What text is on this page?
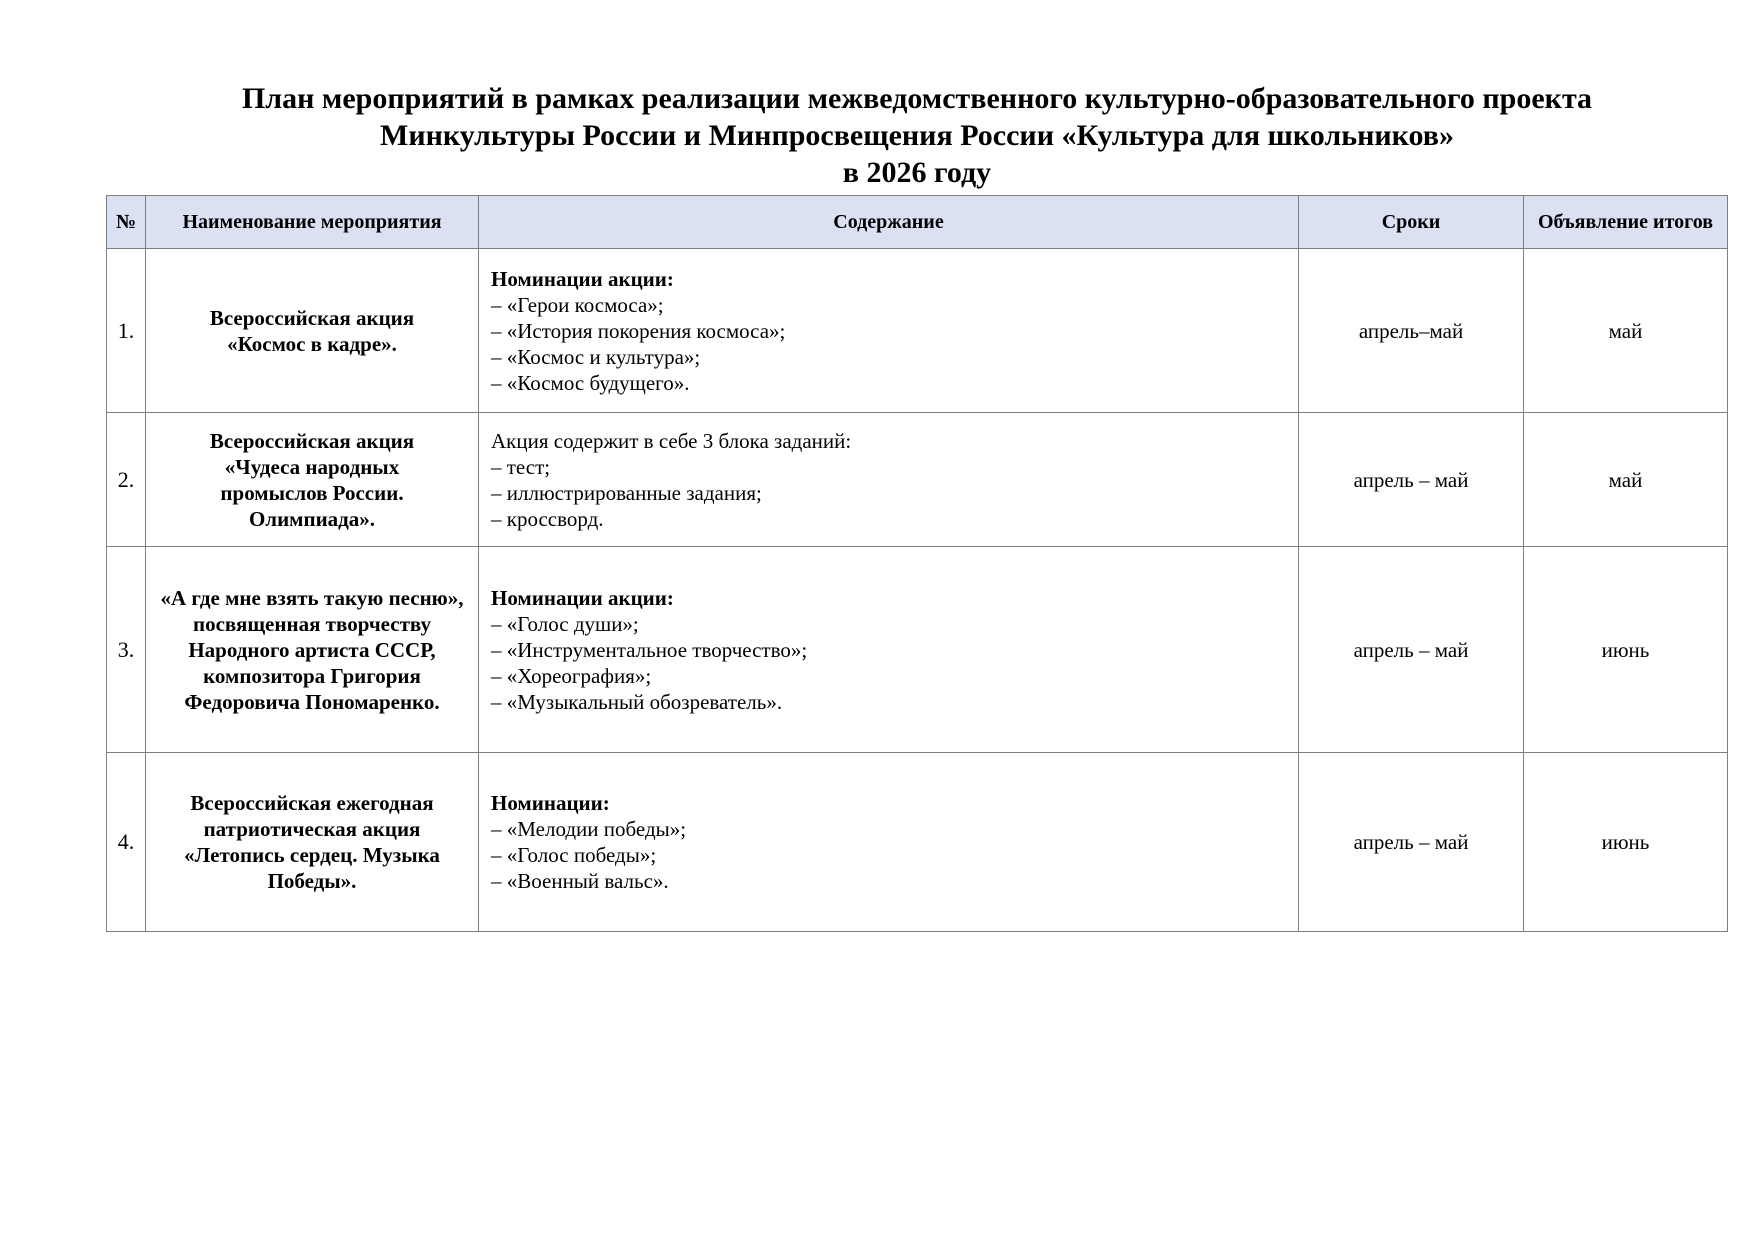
План мероприятий в рамках реализации межведомственного культурно-образовательного проекта
Минкультуры России и Минпросвещения России «Культура для школьников»
в 2026 году
№	Наименование мероприятия	Содержание	Сроки	Объявление итогов
1.	Всероссийская акция «Космос в кадре».	Номинации акции:
– «Герои космоса»;
– «История покорения космоса»;
– «Космос и культура»;
– «Космос будущего».	апрель–май	май
2.	Всероссийская акция «Чудеса народных промыслов России. Олимпиада».	Акция содержит в себе 3 блока заданий:
– тест;
– иллюстрированные задания;
– кроссворд.	апрель – май	май
3.	«А где мне взять такую песню», посвященная творчеству Народного артиста СССР, композитора Григория Федоровича Пономаренко.	Номинации акции:
– «Голос души»;
– «Инструментальное творчество»;
– «Хореография»;
– «Музыкальный обозреватель».	апрель – май	июнь
4.	Всероссийская ежегодная патриотическая акция «Летопись сердец. Музыка Победы».	Номинации:
– «Мелодии победы»;
– «Голос победы»;
– «Военный вальс».	апрель – май	июнь
